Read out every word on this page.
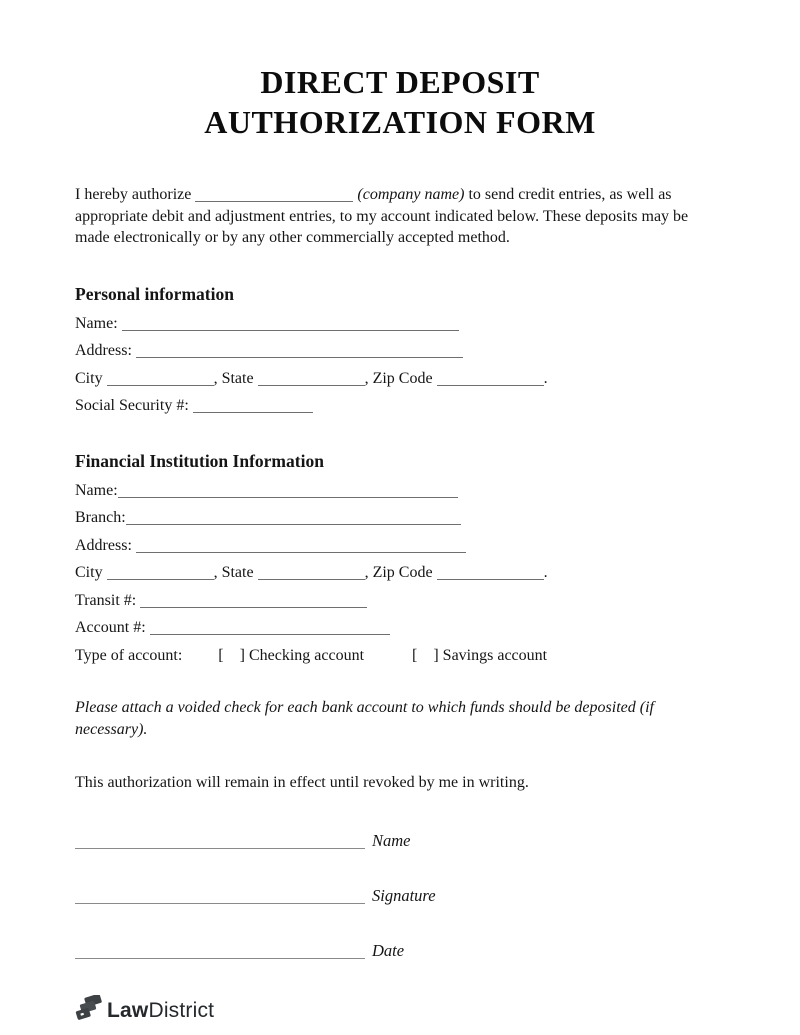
DIRECT DEPOSIT
AUTHORIZATION FORM

I hereby authorize	(company name) to send credit entries, as well as appropriate debit and adjustment entries, to my account indicated below. These deposits may be made electronically or by any other commercially accepted method.

Personal information
Name:
Address:
City	, State	, Zip Code	.
Social Security #:
Financial Institution Information
Name:
Branch:
Address:
City	, State	, Zip Code	.
Transit #:
Account #:
Type of account: [    ] Checking account	[    ] Savings account

Please attach a voided check for each bank account to which funds should be deposited (if necessary).

This authorization will remain in effect until revoked by me in writing.

Name
Signature
Date
LawDistrict
